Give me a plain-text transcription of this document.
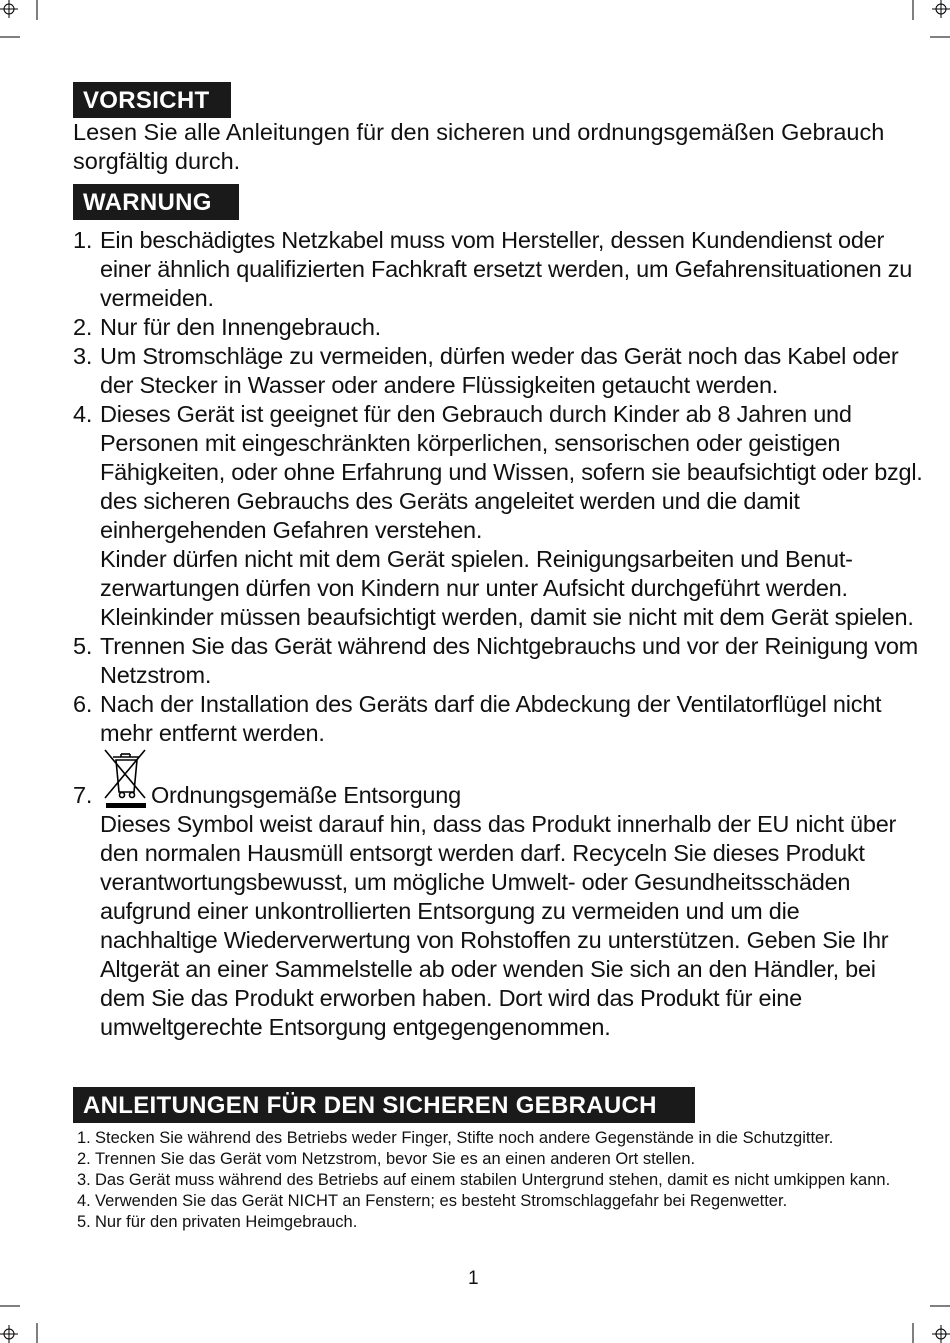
VORSICHT

Lesen Sie alle Anleitungen für den sicheren und ordnungsgemäßen Gebrauch sorgfältig durch.

WARNUNG
1. Ein beschädigtes Netzkabel muss vom Hersteller, dessen Kundendienst oder einer ähnlich qualifizierten Fachkraft ersetzt werden, um Gefahrensituationen zu vermeiden.

2. Nur für den Innengebrauch.

3. Um Stromschläge zu vermeiden, dürfen weder das Gerät noch das Kabel oder der Stecker in Wasser oder andere Flüssigkeiten getaucht werden.

4. Dieses Gerät ist geeignet für den Gebrauch durch Kinder ab 8 Jahren und Personen mit eingeschränkten körperlichen, sensorischen oder geistigen Fähigkeiten, oder ohne Erfahrung und Wissen, sofern sie beaufsichtigt oder bzgl. des sicheren Gebrauchs des Geräts angeleitet werden und die damit einhergehenden Gefahren verstehen.

Kinder dürfen nicht mit dem Gerät spielen. Reinigungsarbeiten und Benutzerwartungen dürfen von Kindern nur unter Aufsicht durchgeführt werden. Kleinkinder müssen beaufsichtigt werden, damit sie nicht mit dem Gerät spielen.

5. Trennen Sie das Gerät während des Nichtgebrauchs und vor der Reinigung vom Netzstrom.

6. Nach der Installation des Geräts darf die Abdeckung der Ventilatorflügel nicht mehr entfernt werden.

7.	Ordnungsgemäße Entsorgung

Dieses Symbol weist darauf hin, dass das Produkt innerhalb der EU nicht über den normalen Hausmüll entsorgt werden darf. Recyceln Sie dieses Produkt verantwortungsbewusst, um mögliche Umwelt- oder Gesundheitsschäden aufgrund einer unkontrollierten Entsorgung zu vermeiden und um die nachhaltige Wiederverwertung von Rohstoffen zu unterstützen. Geben Sie Ihr Altgerät an einer Sammelstelle ab oder wenden Sie sich an den Händler, bei dem Sie das Produkt erworben haben. Dort wird das Produkt für eine umweltgerechte Entsorgung entgegengenommen.

ANLEITUNGEN FÜR DEN SICHEREN GEBRAUCH
1. Stecken Sie während des Betriebs weder Finger, Stifte noch andere Gegenstände in die Schutzgitter.
2. Trennen Sie das Gerät vom Netzstrom, bevor Sie es an einen anderen Ort stellen.
3. Das Gerät muss während des Betriebs auf einem stabilen Untergrund stehen, damit es nicht umkippen kann.
4. Verwenden Sie das Gerät NICHT an Fenstern; es besteht Stromschlaggefahr bei Regenwetter.
5. Nur für den privaten Heimgebrauch.
1
